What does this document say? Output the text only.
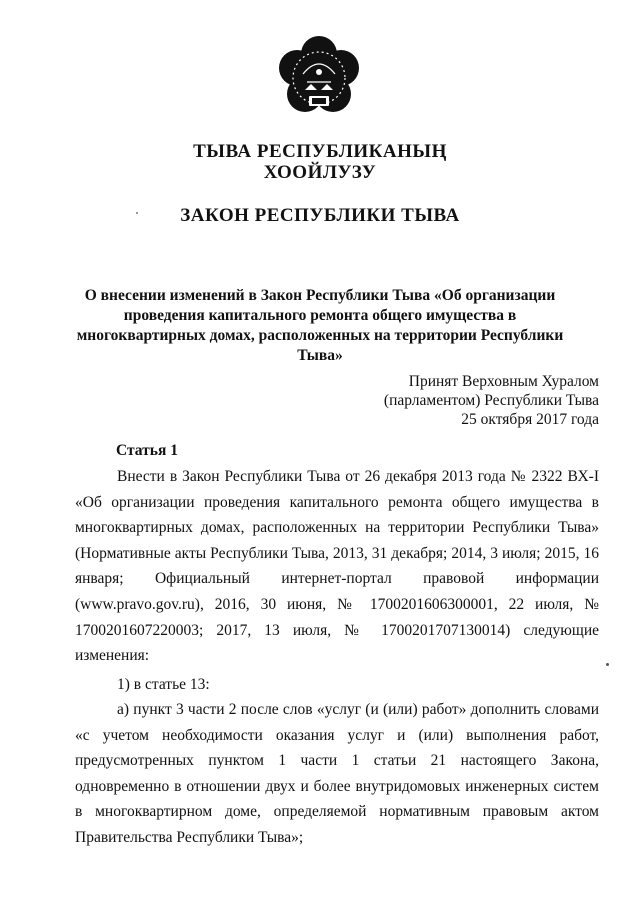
ТЫВА РЕСПУБЛИКАНЫҢ
ХООЙЛУЗУ
ЗАКОН РЕСПУБЛИКИ ТЫВА
О внесении изменений в Закон Республики Тыва «Об организации проведения капитального ремонта общего имущества в многоквартирных домах, расположенных на территории Республики Тыва»
Принят Верховным Хуралом
(парламентом) Республики Тыва
25 октября 2017 года
Статья 1

Внести в Закон Республики Тыва от 26 декабря 2013 года № 2322 ВХ-I «Об организации проведения капитального ремонта общего имущества в многоквартирных домах, расположенных на территории Республики Тыва» (Нормативные акты Республики Тыва, 2013, 31 декабря; 2014, 3 июля; 2015, 16 января; Официальный интернет-портал правовой информации (www.pravo.gov.ru), 2016, 30 июня, № 1700201606300001, 22 июля, № 1700201607220003; 2017, 13 июля, № 1700201707130014) следующие изменения:

1) в статье 13:

а) пункт 3 части 2 после слов «услуг (и (или) работ» дополнить словами «с учетом необходимости оказания услуг и (или) выполнения работ, предусмотренных пунктом 1 части 1 статьи 21 настоящего Закона, одновременно в отношении двух и более внутридомовых инженерных систем в многоквартирном доме, определяемой нормативным правовым актом Правительства Республики Тыва»;
